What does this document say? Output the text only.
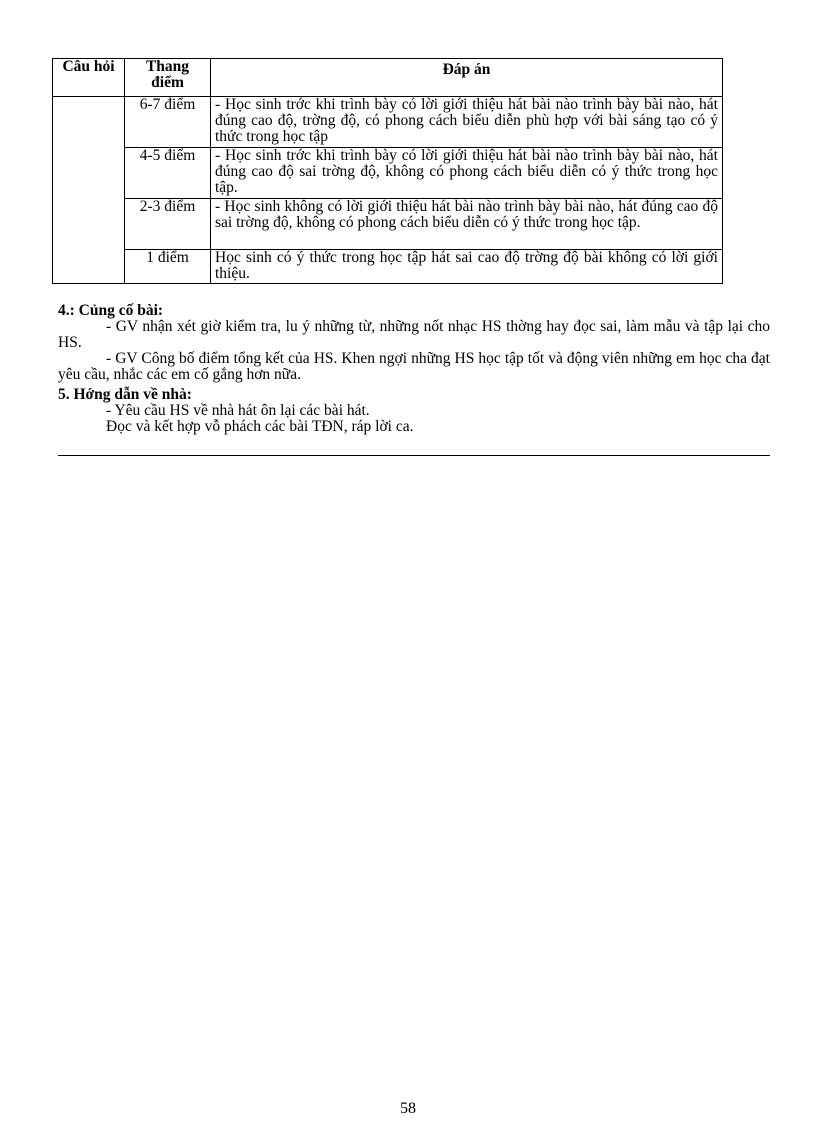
Câu hỏi	Thang điểm	Đáp án
	6-7 điểm	- Học sinh trớc khi trình bày có lời giới thiệu hát bài nào trình bày bài nào, hát đúng cao độ, trờng độ, có phong cách biểu diễn phù hợp với bài sáng tạo có ý thức trong học tập
	4-5 điểm	- Học sinh trớc khi trình bày có lời giới thiệu hát bài nào trình bày bài nào, hát đúng cao độ sai trờng độ, không có phong cách biểu diễn có ý thức trong học tập.
	2-3 điểm	- Học sinh không có lời giới thiệu hát bài nào trình bày bài nào, hát đúng cao độ sai trờng độ, không có phong cách biểu diễn có ý thức trong học tập.
	1 điểm	Học sinh có ý thức trong học tập hát sai cao độ trờng độ bài không có lời giới thiệu.
4.: Củng cố bài:

- GV nhận xét giờ kiểm tra, lu ý những từ, những nốt nhạc HS thờng hay đọc sai, làm mẫu và tập lại cho HS.

- GV Công bố điểm tổng kết của HS. Khen ngợi những HS học tập tốt và động viên những em học cha đạt yêu cầu, nhắc các em cố gắng hơn nữa.

5. Hớng dẫn về nhà:

- Yêu cầu HS về nhà hát ôn lại các bài hát.

Đọc và kết hợp vỗ phách các bài TĐN, ráp lời ca.

58
